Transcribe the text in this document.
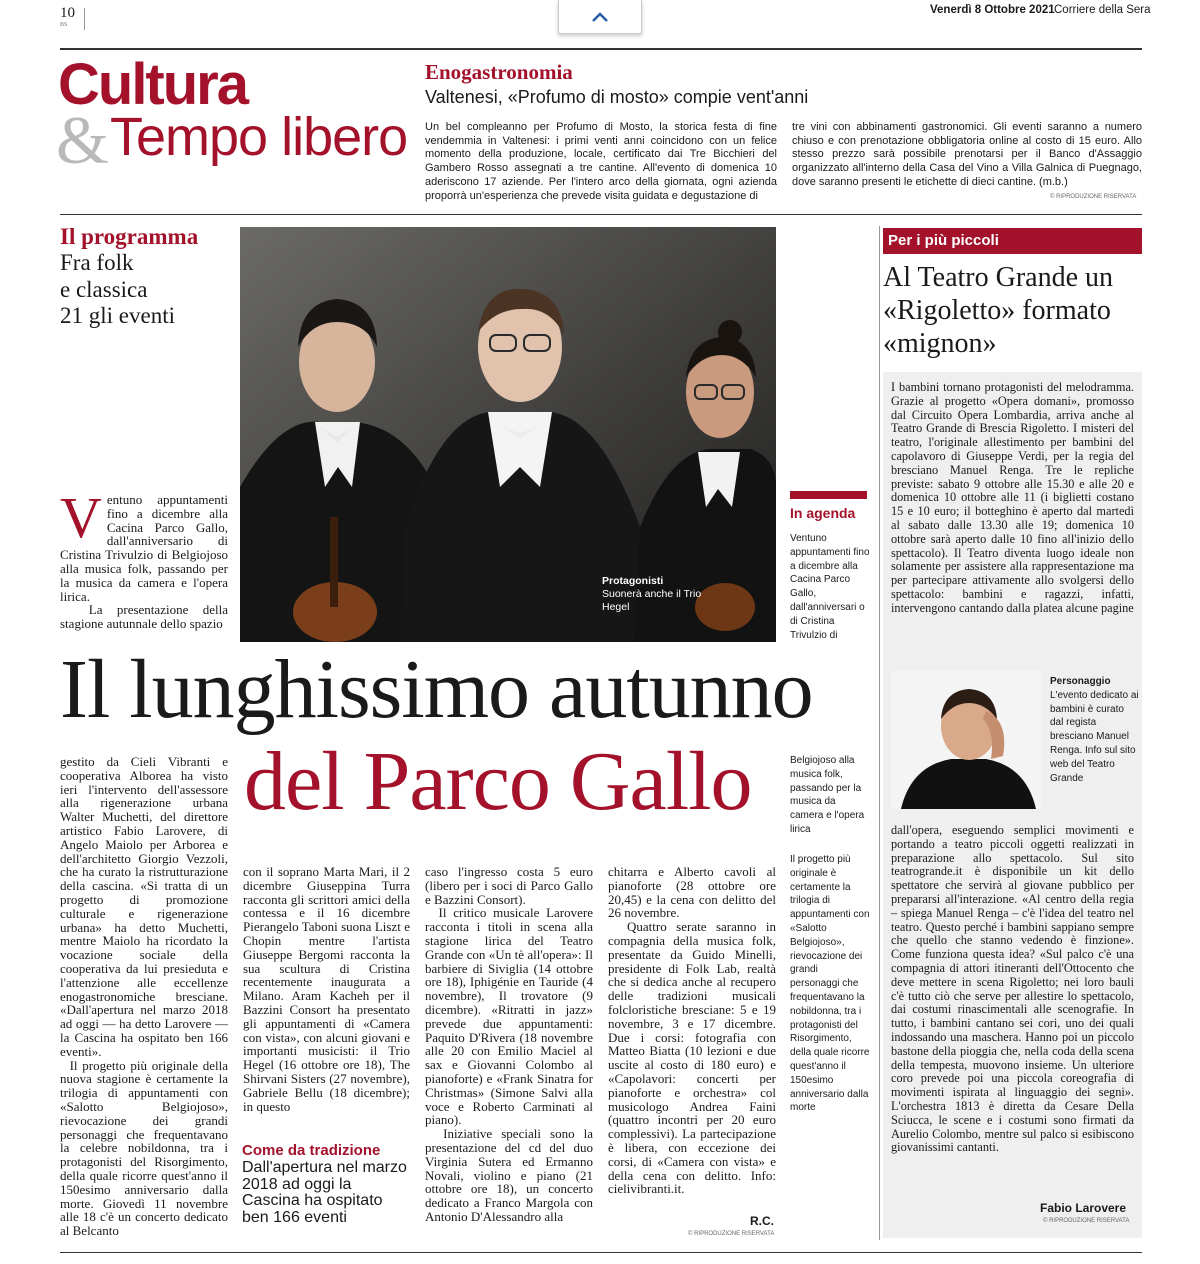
10
BS
Venerdì 8 Ottobre 2021 Corriere della Sera
Cultura
& Tempo libero
Enogastronomia
Valtenesi, «Profumo di mosto» compie vent'anni
Un bel compleanno per Profumo di Mosto, la storica festa di fine vendemmia in Valtenesi: i primi venti anni coincidono con un felice momento della produzione, locale, certificato dai Tre Bicchieri del Gambero Rosso assegnati a tre cantine. All'evento di domenica 10 aderiscono 17 aziende. Per l'intero arco della giornata, ogni azienda proporrà un'esperienza che prevede visita guidata e degustazione di
tre vini con abbinamenti gastronomici. Gli eventi saranno a numero chiuso e con prenotazione obbligatoria online al costo di 15 euro. Allo stesso prezzo sarà possibile prenotarsi per il Banco d'Assaggio organizzato all'interno della Casa del Vino a Villa Galnica di Puegnago, dove saranno presenti le etichette di dieci cantine. (m.b.)
© RIPRODUZIONE RISERVATA
Il programma
Fra folk
e classica
21 gli eventi
Ventuno appuntamenti fino a dicembre alla Cacina Parco Gallo, dall'anniversario di Cristina Trivulzio di Belgiojoso alla musica folk, passando per la musica da camera e l'opera lirica.
La presentazione della stagione autunnale dello spazio
Protagonisti
Suonerà anche il Trio Hegel
In agenda
Ventuno appuntamenti fino a dicembre alla Cacina Parco Gallo, dall'anniversari o di Cristina Trivulzio di
Il lunghissimo autunno
del Parco Gallo
gestito da Cieli Vibranti e cooperativa Alborea ha visto ieri l'intervento dell'assessore alla rigenerazione urbana Walter Muchetti, del direttore artistico Fabio Larovere, di Angelo Maiolo per Arborea e dell'architetto Giorgio Vezzoli, che ha curato la ristrutturazione della cascina. «Si tratta di un progetto di promozione culturale e rigenerazione urbana» ha detto Muchetti, mentre Maiolo ha ricordato la vocazione sociale della cooperativa da lui presieduta e l'attenzione alle eccellenze enogastronomiche bresciane. «Dall'apertura nel marzo 2018 ad oggi — ha detto Larovere — la Cascina ha ospitato ben 166 eventi».
Il progetto più originale della nuova stagione è certamente la trilogia di appuntamenti con «Salotto Belgiojoso», rievocazione dei grandi personaggi che frequentavano la celebre nobildonna, tra i protagonisti del Risorgimento, della quale ricorre quest'anno il 150esimo anniversario dalla morte. Giovedì 11 novembre alle 18 c'è un concerto dedicato al Belcanto
con il soprano Marta Mari, il 2 dicembre Giuseppina Turra racconta gli scrittori amici della contessa e il 16 dicembre Pierangelo Taboni suona Liszt e Chopin mentre l'artista Giuseppe Bergomi racconta la sua scultura di Cristina recentemente inaugurata a Milano. Aram Kacheh per il Bazzini Consort ha presentato gli appuntamenti di «Camera con vista», con alcuni giovani e importanti musicisti: il Trio Hegel (16 ottobre ore 18), The Shirvani Sisters (27 novembre), Gabriele Bellu (18 dicembre); in questo
caso l'ingresso costa 5 euro (libero per i soci di Parco Gallo e Bazzini Consort).
Il critico musicale Larovere racconta i titoli in scena alla stagione lirica del Teatro Grande con «Un tè all'opera»: Il barbiere di Siviglia (14 ottobre ore 18), Iphigénie en Tauride (4 novembre), Il trovatore (9 dicembre). «Ritratti in jazz» prevede due appuntamenti: Paquito D'Rivera (18 novembre alle 20 con Emilio Maciel al sax e Giovanni Colombo al pianoforte) e «Frank Sinatra for Christmas» (Simone Salvi alla voce e Roberto Carminati al piano).
Iniziative speciali sono la presentazione del cd del duo Virginia Sutera ed Ermanno Novali, violino e piano (21 ottobre ore 18), un concerto dedicato a Franco Margola con Antonio D'Alessandro alla
chitarra e Alberto cavoli al pianoforte (28 ottobre ore 20,45) e la cena con delitto del 26 novembre.
Quattro serate saranno in compagnia della musica folk, presentate da Guido Minelli, presidente di Folk Lab, realtà che si dedica anche al recupero delle tradizioni musicali folcloristiche bresciane: 5 e 19 novembre, 3 e 17 dicembre. Due i corsi: fotografia con Matteo Biatta (10 lezioni e due uscite al costo di 180 euro) e «Capolavori: concerti per pianoforte e orchestra» col musicologo Andrea Faini (quattro incontri per 20 euro complessivi). La partecipazione è libera, con eccezione dei corsi, di «Camera con vista» e della cena con delitto. Info: cielivibranti.it.
Come da tradizione
Dall'apertura nel marzo 2018 ad oggi la Cascina ha ospitato ben 166 eventi	R.C.
© RIPRODUZIONE RISERVATA
Belgiojoso alla musica folk, passando per la musica da camera e l'opera lirica
Il progetto più originale è certamente la trilogia di appuntamenti con «Salotto Belgiojoso», rievocazione dei grandi personaggi che frequentavano la nobildonna, tra i protagonisti del Risorgimento, della quale ricorre quest'anno il 150esimo anniversario dalla morte
Per i più piccoli
Al Teatro Grande un «Rigoletto» formato «mignon»
I bambini tornano protagonisti del melodramma. Grazie al progetto «Opera domani», promosso dal Circuito Opera Lombardia, arriva anche al Teatro Grande di Brescia Rigoletto. I misteri del teatro, l'originale allestimento per bambini del capolavoro di Giuseppe Verdi, per la regia del bresciano Manuel Renga. Tre le repliche previste: sabato 9 ottobre alle 15.30 e alle 20 e domenica 10 ottobre alle 11 (i biglietti costano 15 e 10 euro; il botteghino è aperto dal martedì al sabato dalle 13.30 alle 19; domenica 10 ottobre sarà aperto dalle 10 fino all'inizio dello spettacolo). Il Teatro diventa luogo ideale non solamente per assistere alla rappresentazione ma per partecipare attivamente allo svolgersi dello spettacolo: bambini e ragazzi, infatti, intervengono cantando dalla platea alcune pagine
Personaggio
L'evento dedicato ai bambini è curato dal regista bresciano Manuel Renga. Info sul sito web del Teatro Grande
dall'opera, eseguendo semplici movimenti e portando a teatro piccoli oggetti realizzati in preparazione allo spettacolo. Sul sito teatrogrande.it è disponibile un kit dello spettatore che servirà al giovane pubblico per prepararsi all'interazione. «Al centro della regia – spiega Manuel Renga – c'è l'idea del teatro nel teatro. Questo perché i bambini sappiano sempre che quello che stanno vedendo è finzione». Come funziona questa idea? «Sul palco c'è una compagnia di attori itineranti dell'Ottocento che deve mettere in scena Rigoletto; nei loro bauli c'è tutto ciò che serve per allestire lo spettacolo, dai costumi rinascimentali alle scenografie. In tutto, i bambini cantano sei cori, uno dei quali indossando una maschera. Hanno poi un piccolo bastone della pioggia che, nella coda della scena della tempesta, muovono insieme. Un ulteriore coro prevede poi una piccola coreografia di movimenti ispirata al linguaggio dei segni». L'orchestra 1813 è diretta da Cesare Della Sciucca, le scene e i costumi sono firmati da Aurelio Colombo, mentre sul palco si esibiscono giovanissimi cantanti.
Fabio Larovere
© RIPRODUZIONE RISERVATA
